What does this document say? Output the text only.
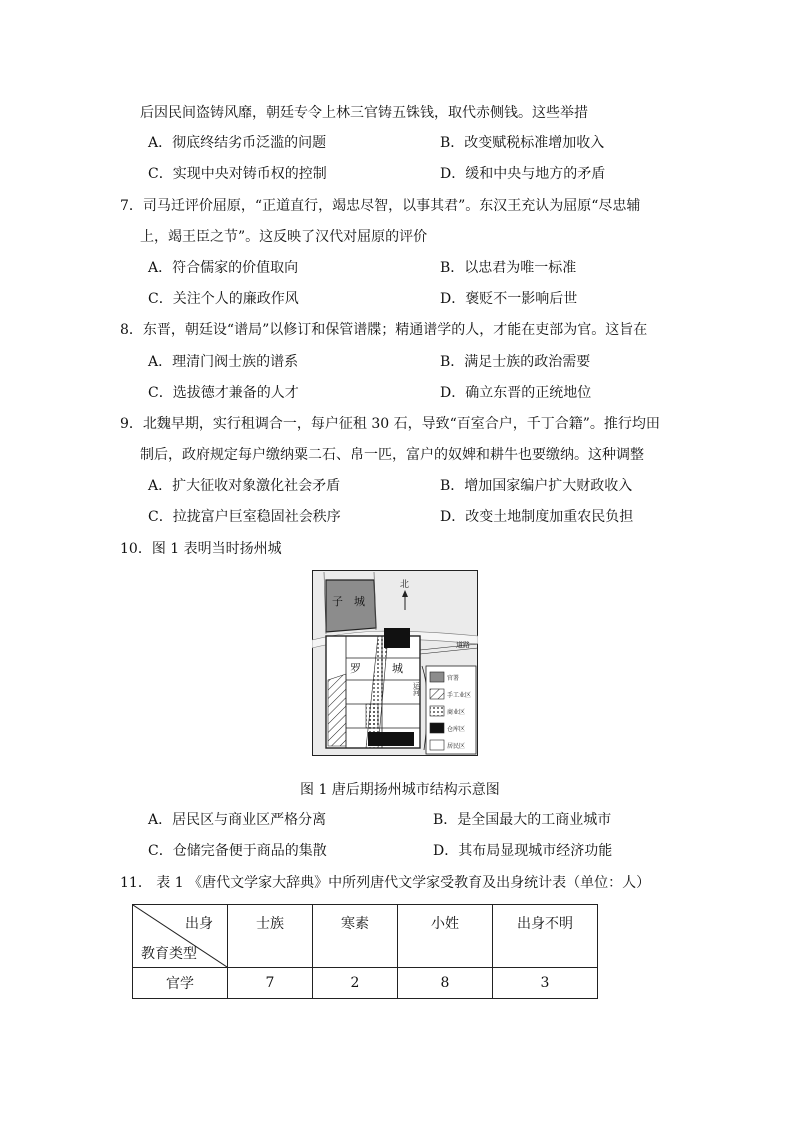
后因民间盗铸风靡，朝廷专令上林三官铸五铢钱，取代赤侧钱。这些举措
A．彻底终结劣币泛滥的问题	B．改变赋税标准增加收入
C．实现中央对铸币权的控制	D．缓和中央与地方的矛盾
7．司马迁评价屈原，“正道直行，竭忠尽智，以事其君”。东汉王充认为屈原“尽忠辅
上，竭王臣之节”。这反映了汉代对屈原的评价
A．符合儒家的价值取向	B．以忠君为唯一标准
C．关注个人的廉政作风	D．褒贬不一影响后世
8．东晋，朝廷设“谱局”以修订和保管谱牒；精通谱学的人，才能在吏部为官。这旨在
A．理清门阀士族的谱系	B．满足士族的政治需要
C．选拔德才兼备的人才	D．确立东晋的正统地位
9．北魏早期，实行租调合一，每户征租 30 石，导致“百室合户，千丁合籍”。推行均田
制后，政府规定每户缴纳粟二石、帛一匹，富户的奴婢和耕牛也要缴纳。这种调整
A．扩大征收对象激化社会矛盾	B．增加国家编户扩大财政收入
C．拉拢富户巨室稳固社会秩序	D．改变土地制度加重农民负担
10．图 1 表明当时扬州城
子 城
北
罗	城
道路
运河
官署
手工业区
商业区
仓库区
居民区
图 1 唐后期扬州城市结构示意图
A．居民区与商业区严格分离	B．是全国最大的工商业城市
C．仓储完备便于商品的集散	D．其布局显现城市经济功能
11． 表 1 《唐代文学家大辞典》中所列唐代文学家受教育及出身统计表（单位：人）
出身
教育类型	士族	寒素	小姓	出身不明
官学	7	2	8	3
